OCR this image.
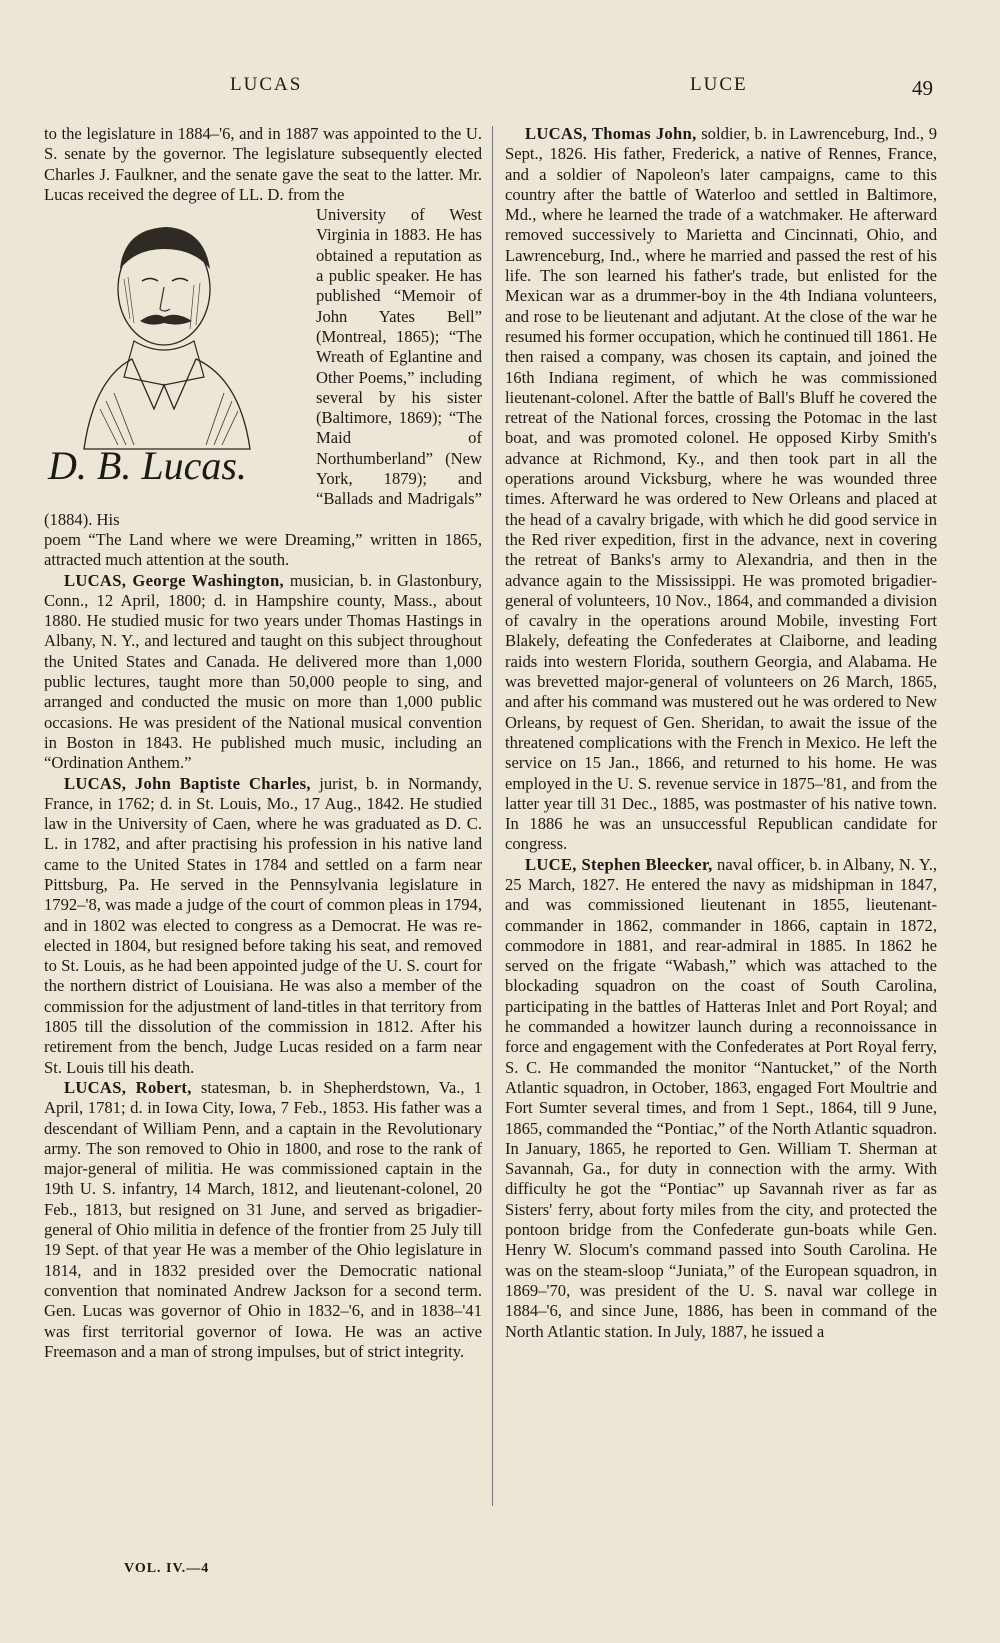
LUCAS	LUCE	49

to the legislature in 1884–'6, and in 1887 was appointed to the U. S. senate by the governor. The legislature subsequently elected Charles J. Faulkner, and the senate gave the seat to the latter. Mr. Lucas received the degree of LL. D. from the

D. B. Lucas.

University of West Virginia in 1883. He has obtained a reputation as a public speaker. He has published “Memoir of John Yates Bell” (Montreal, 1865); “The Wreath of Eglantine and Other Poems,” including several by his sister (Baltimore, 1869); “The Maid of Northumberland” (New York, 1879); and “Ballads and Madrigals” (1884). His

poem “The Land where we were Dreaming,” written in 1865, attracted much attention at the south.

LUCAS, George Washington, musician, b. in Glastonbury, Conn., 12 April, 1800; d. in Hampshire county, Mass., about 1880. He studied music for two years under Thomas Hastings in Albany, N. Y., and lectured and taught on this subject throughout the United States and Canada. He delivered more than 1,000 public lectures, taught more than 50,000 people to sing, and arranged and conducted the music on more than 1,000 public occasions. He was president of the National musical convention in Boston in 1843. He published much music, including an “Ordination Anthem.”

LUCAS, John Baptiste Charles, jurist, b. in Normandy, France, in 1762; d. in St. Louis, Mo., 17 Aug., 1842. He studied law in the University of Caen, where he was graduated as D. C. L. in 1782, and after practising his profession in his native land came to the United States in 1784 and settled on a farm near Pittsburg, Pa. He served in the Pennsylvania legislature in 1792–'8, was made a judge of the court of common pleas in 1794, and in 1802 was elected to congress as a Democrat. He was re-elected in 1804, but resigned before taking his seat, and removed to St. Louis, as he had been appointed judge of the U. S. court for the northern district of Louisiana. He was also a member of the commission for the adjustment of land-titles in that territory from 1805 till the dissolution of the commission in 1812. After his retirement from the bench, Judge Lucas resided on a farm near St. Louis till his death.

LUCAS, Robert, statesman, b. in Shepherdstown, Va., 1 April, 1781; d. in Iowa City, Iowa, 7 Feb., 1853. His father was a descendant of William Penn, and a captain in the Revolutionary army. The son removed to Ohio in 1800, and rose to the rank of major-general of militia. He was commissioned captain in the 19th U. S. infantry, 14 March, 1812, and lieutenant-colonel, 20 Feb., 1813, but resigned on 31 June, and served as brigadier-general of Ohio militia in defence of the frontier from 25 July till 19 Sept. of that year He was a member of the Ohio legislature in 1814, and in 1832 presided over the Democratic national convention that nominated Andrew Jackson for a second term. Gen. Lucas was governor of Ohio in 1832–'6, and in 1838–'41 was first territorial governor of Iowa. He was an active Freemason and a man of strong impulses, but of strict integrity.

LUCAS, Thomas John, soldier, b. in Lawrenceburg, Ind., 9 Sept., 1826. His father, Frederick, a native of Rennes, France, and a soldier of Napoleon's later campaigns, came to this country after the battle of Waterloo and settled in Baltimore, Md., where he learned the trade of a watchmaker. He afterward removed successively to Marietta and Cincinnati, Ohio, and Lawrenceburg, Ind., where he married and passed the rest of his life. The son learned his father's trade, but enlisted for the Mexican war as a drummer-boy in the 4th Indiana volunteers, and rose to be lieutenant and adjutant. At the close of the war he resumed his former occupation, which he continued till 1861. He then raised a company, was chosen its captain, and joined the 16th Indiana regiment, of which he was commissioned lieutenant-colonel. After the battle of Ball's Bluff he covered the retreat of the National forces, crossing the Potomac in the last boat, and was promoted colonel. He opposed Kirby Smith's advance at Richmond, Ky., and then took part in all the operations around Vicksburg, where he was wounded three times. Afterward he was ordered to New Orleans and placed at the head of a cavalry brigade, with which he did good service in the Red river expedition, first in the advance, next in covering the retreat of Banks's army to Alexandria, and then in the advance again to the Mississippi. He was promoted brigadier-general of volunteers, 10 Nov., 1864, and commanded a division of cavalry in the operations around Mobile, investing Fort Blakely, defeating the Confederates at Claiborne, and leading raids into western Florida, southern Georgia, and Alabama. He was brevetted major-general of volunteers on 26 March, 1865, and after his command was mustered out he was ordered to New Orleans, by request of Gen. Sheridan, to await the issue of the threatened complications with the French in Mexico. He left the service on 15 Jan., 1866, and returned to his home. He was employed in the U. S. revenue service in 1875–'81, and from the latter year till 31 Dec., 1885, was postmaster of his native town. In 1886 he was an unsuccessful Republican candidate for congress.

LUCE, Stephen Bleecker, naval officer, b. in Albany, N. Y., 25 March, 1827. He entered the navy as midshipman in 1847, and was commissioned lieutenant in 1855, lieutenant-commander in 1862, commander in 1866, captain in 1872, commodore in 1881, and rear-admiral in 1885. In 1862 he served on the frigate “Wabash,” which was attached to the blockading squadron on the coast of South Carolina, participating in the battles of Hatteras Inlet and Port Royal; and he commanded a howitzer launch during a reconnoissance in force and engagement with the Confederates at Port Royal ferry, S. C. He commanded the monitor “Nantucket,” of the North Atlantic squadron, in October, 1863, engaged Fort Moultrie and Fort Sumter several times, and from 1 Sept., 1864, till 9 June, 1865, commanded the “Pontiac,” of the North Atlantic squadron. In January, 1865, he reported to Gen. William T. Sherman at Savannah, Ga., for duty in connection with the army. With difficulty he got the “Pontiac” up Savannah river as far as Sisters' ferry, about forty miles from the city, and protected the pontoon bridge from the Confederate gun-boats while Gen. Henry W. Slocum's command passed into South Carolina. He was on the steam-sloop “Juniata,” of the European squadron, in 1869–'70, was president of the U. S. naval war college in 1884–'6, and since June, 1886, has been in command of the North Atlantic station. In July, 1887, he issued a

VOL. IV.—4
